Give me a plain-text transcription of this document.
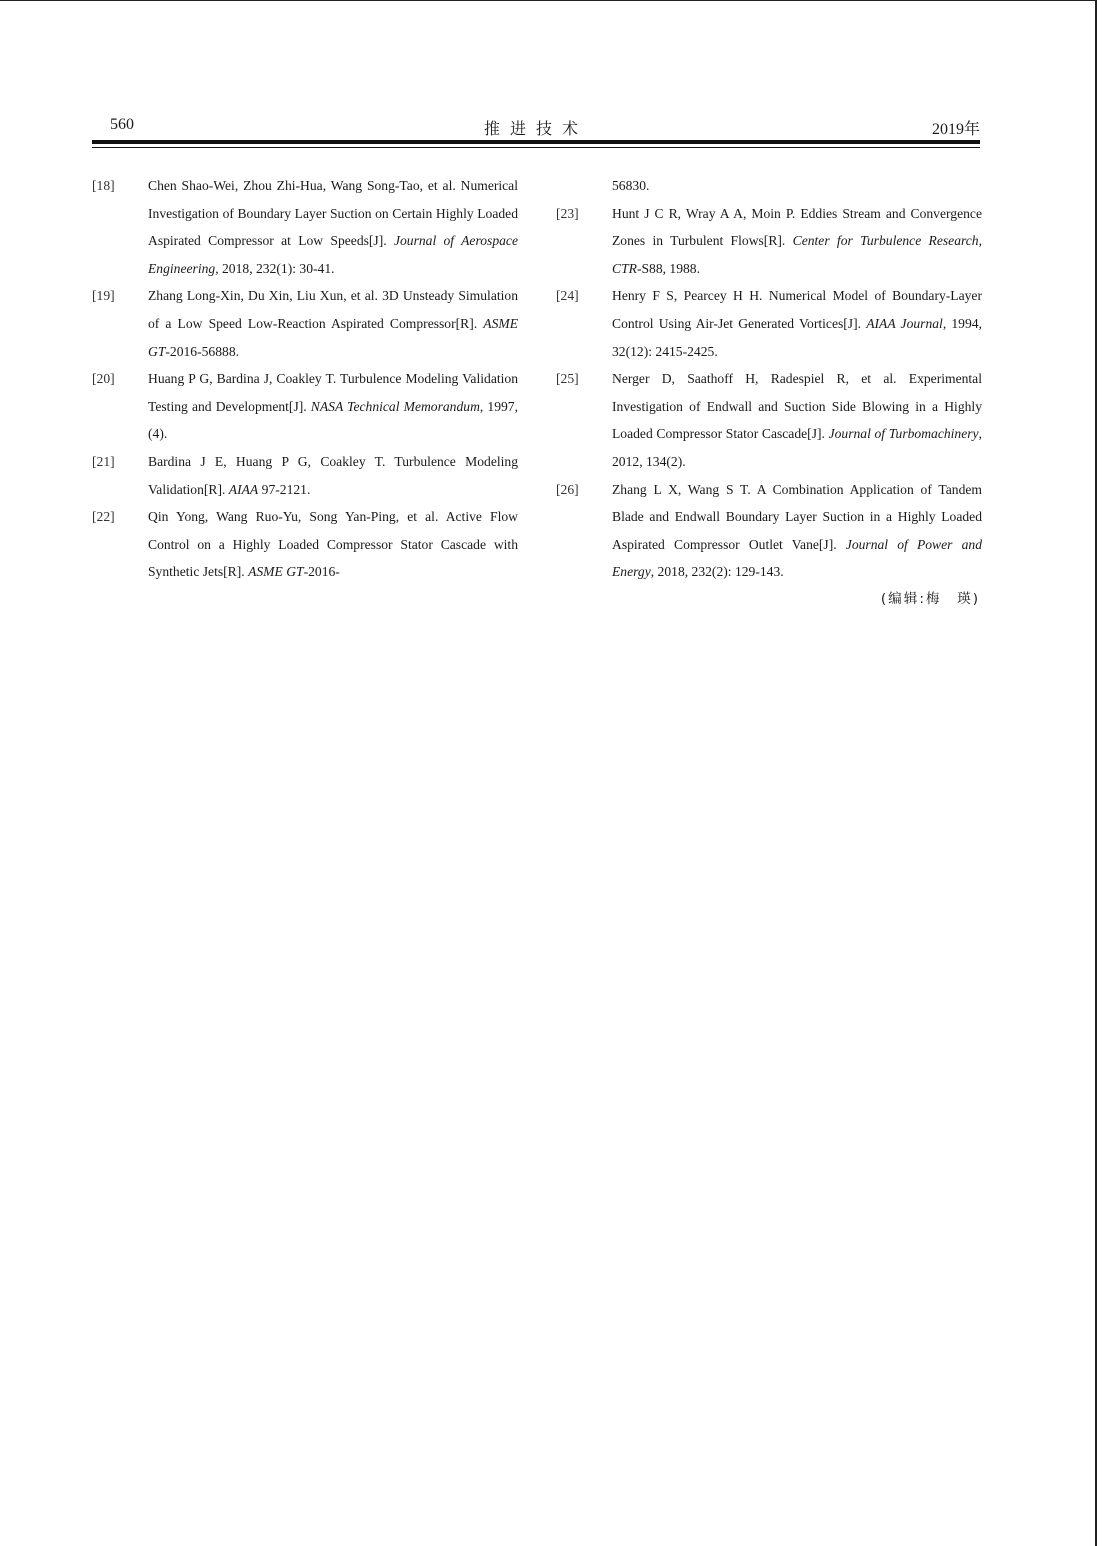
560	推进技术	2019年
[18]	Chen Shao-Wei, Zhou Zhi-Hua, Wang Song-Tao, et al. Numerical Investigation of Boundary Layer Suction on Certain Highly Loaded Aspirated Compressor at Low Speeds[J]. Journal of Aerospace Engineering, 2018, 232(1): 30-41.
[19]	Zhang Long-Xin, Du Xin, Liu Xun, et al. 3D Unsteady Simulation of a Low Speed Low-Reaction Aspirated Compressor[R]. ASME GT-2016-56888.
[20]	Huang P G, Bardina J, Coakley T. Turbulence Modeling Validation Testing and Development[J]. NASA Technical Memorandum, 1997, (4).
[21]	Bardina J E, Huang P G, Coakley T. Turbulence Modeling Validation[R]. AIAA 97-2121.
[22]	Qin Yong, Wang Ruo-Yu, Song Yan-Ping, et al. Active Flow Control on a Highly Loaded Compressor Stator Cascade with Synthetic Jets[R]. ASME GT-2016-
56830.
[23]	Hunt J C R, Wray A A, Moin P. Eddies Stream and Convergence Zones in Turbulent Flows[R]. Center for Turbulence Research, CTR-S88, 1988.
[24]	Henry F S, Pearcey H H. Numerical Model of Boundary-Layer Control Using Air-Jet Generated Vortices[J]. AIAA Journal, 1994, 32(12): 2415-2425.
[25]	Nerger D, Saathoff H, Radespiel R, et al. Experimental Investigation of Endwall and Suction Side Blowing in a Highly Loaded Compressor Stator Cascade[J]. Journal of Turbomachinery, 2012, 134(2).
[26]	Zhang L X, Wang S T. A Combination Application of Tandem Blade and Endwall Boundary Layer Suction in a Highly Loaded Aspirated Compressor Outlet Vane[J]. Journal of Power and Energy, 2018, 232(2): 129-143.
(编辑:梅　瑛)
